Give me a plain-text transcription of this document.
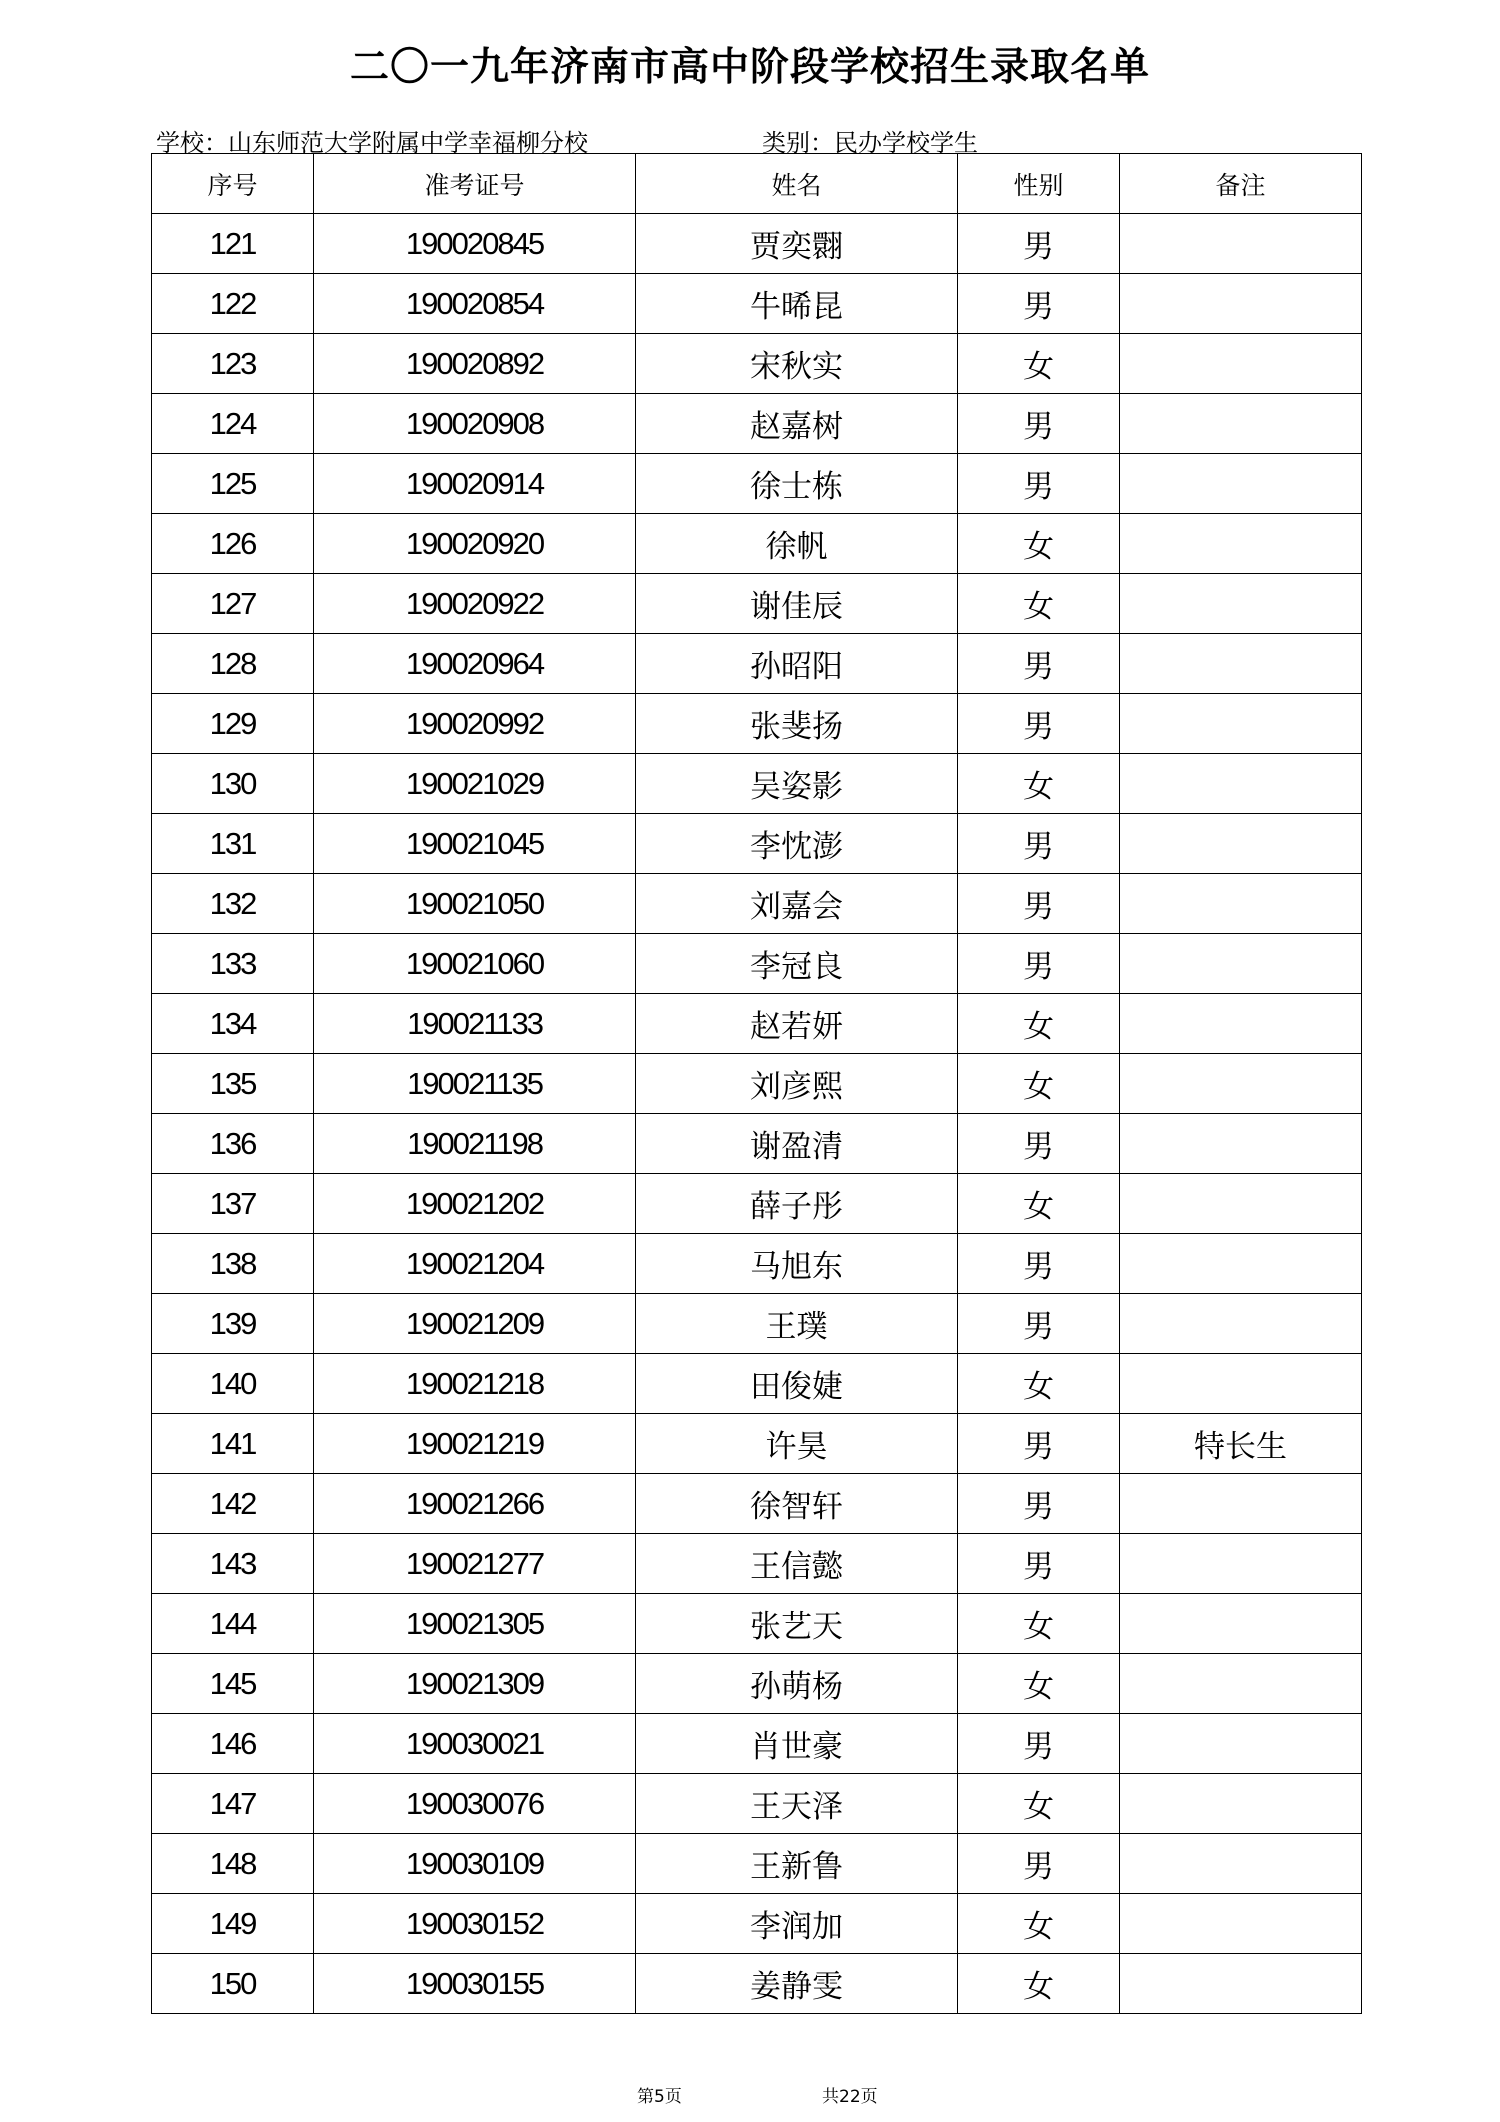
二〇一九年济南市高中阶段学校招生录取名单
学校：山东师范大学附属中学幸福柳分校	类别：民办学校学生
序号	准考证号	姓名	性别	备注
121	190020845	贾奕翾	男	
122	190020854	牛晞昆	男	
123	190020892	宋秋实	女	
124	190020908	赵嘉树	男	
125	190020914	徐士栋	男	
126	190020920	徐帆	女	
127	190020922	谢佳辰	女	
128	190020964	孙昭阳	男	
129	190020992	张斐扬	男	
130	190021029	吴姿影	女	
131	190021045	李忱澎	男	
132	190021050	刘嘉会	男	
133	190021060	李冠良	男	
134	190021133	赵若妍	女	
135	190021135	刘彦熙	女	
136	190021198	谢盈清	男	
137	190021202	薛子彤	女	
138	190021204	马旭东	男	
139	190021209	王璞	男	
140	190021218	田俊婕	女	
141	190021219	许昊	男	特长生
142	190021266	徐智轩	男	
143	190021277	王信懿	男	
144	190021305	张艺天	女	
145	190021309	孙萌杨	女	
146	190030021	肖世豪	男	
147	190030076	王天泽	女	
148	190030109	王新鲁	男	
149	190030152	李润加	女	
150	190030155	姜静雯	女	
第5页	共22页
